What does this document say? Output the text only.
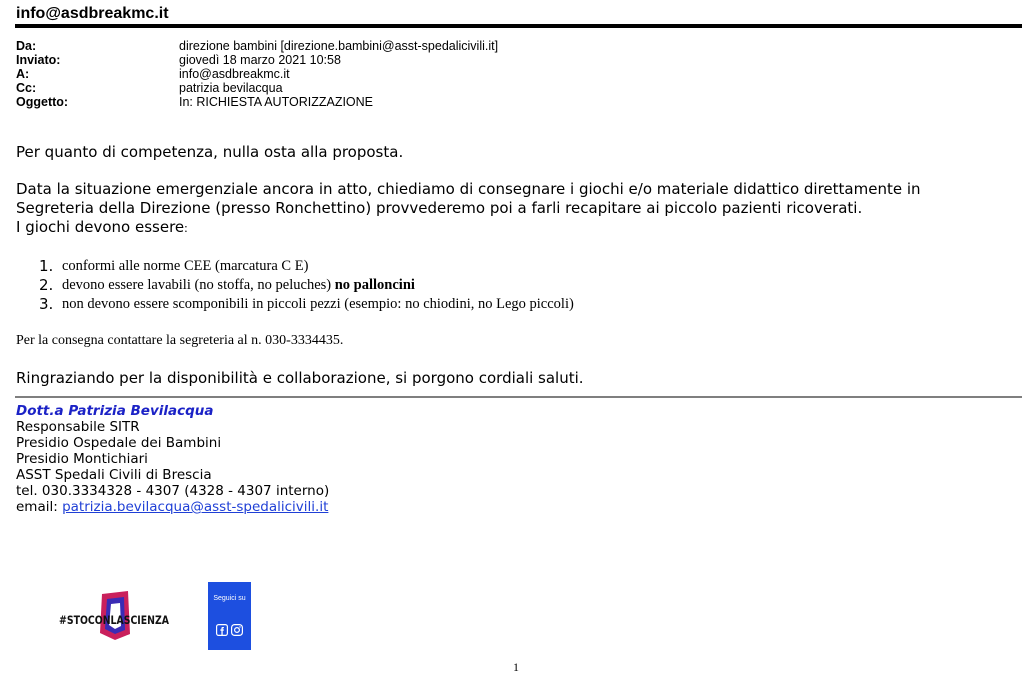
info@asdbreakmc.it
Da:	direzione bambini [direzione.bambini@asst-spedalicivili.it]
Inviato:	giovedì 18 marzo 2021 10:58
A:	info@asdbreakmc.it
Cc:	patrizia bevilacqua
Oggetto:	In: RICHIESTA AUTORIZZAZIONE
Per quanto di competenza, nulla osta alla proposta.
Data la situazione emergenziale ancora in atto, chiediamo di consegnare i giochi e/o materiale didattico direttamente in
Segreteria della Direzione (presso Ronchettino) provvederemo poi a farli recapitare ai piccolo pazienti ricoverati.
I giochi devono essere:
1. conformi alle norme CEE (marcatura C E)
2. devono essere lavabili (no stoffa, no peluches) no palloncini
3. non devono essere scomponibili in piccoli pezzi (esempio: no chiodini, no Lego piccoli)
Per la consegna contattare la segreteria al n. 030-3334435.
Ringraziando per la disponibilità e collaborazione, si porgono cordiali saluti.
Dott.a Patrizia Bevilacqua
Responsabile SITR
Presidio Ospedale dei Bambini
Presidio Montichiari
ASST Spedali Civili di Brescia
tel. 030.3334328 - 4307 (4328 - 4307 interno)
email: patrizia.bevilacqua@asst-spedalicivili.it
#STOCONLASCIENZA
Seguici su
1
